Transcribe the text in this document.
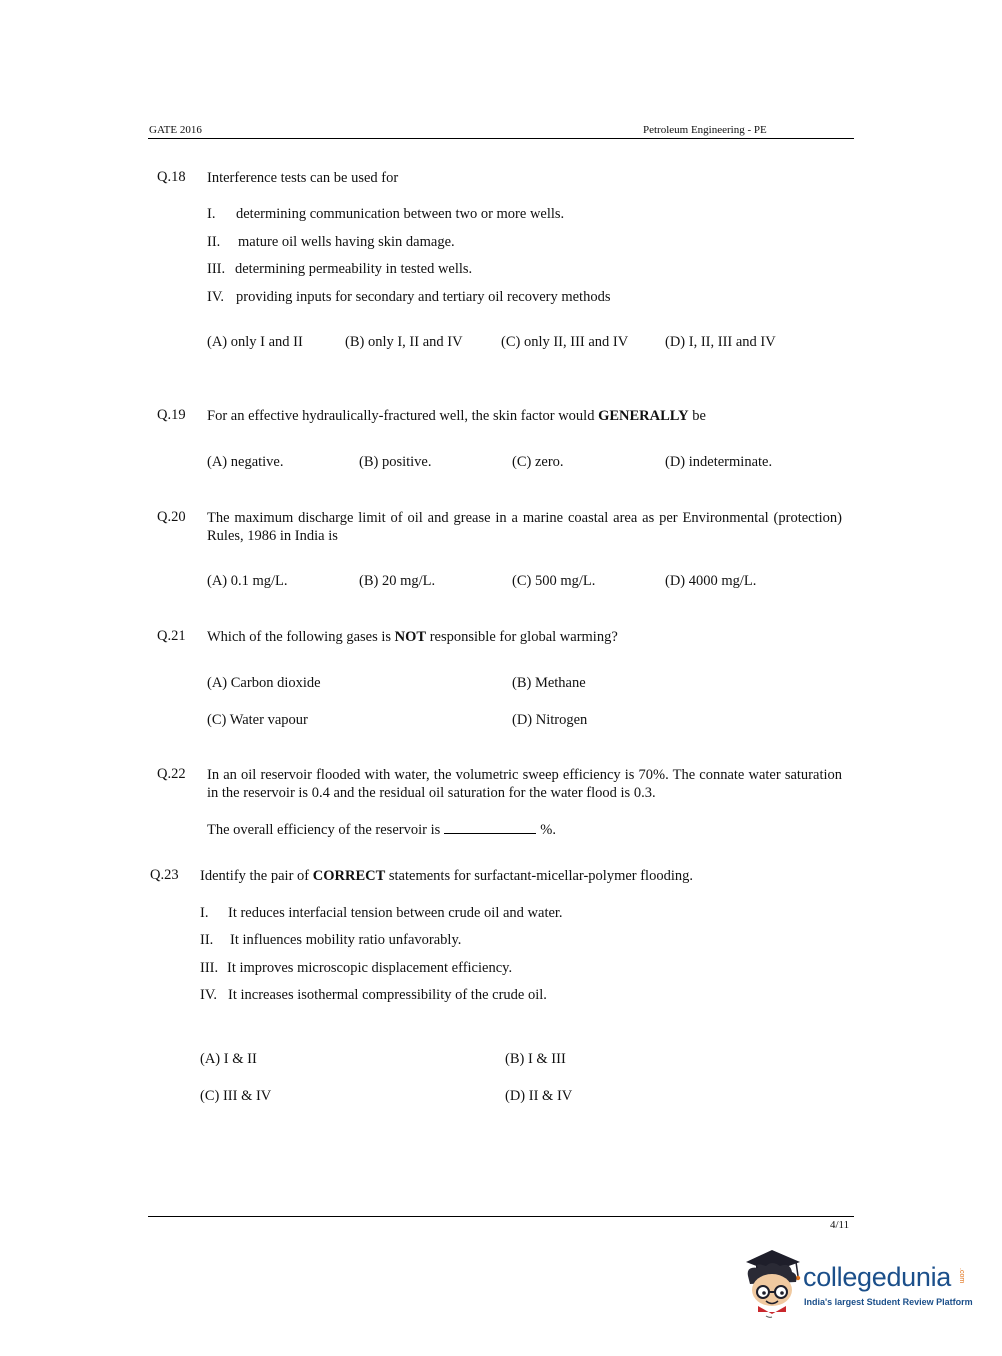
GATE 2016	Petroleum Engineering - PE
Q.18 Interference tests can be used for
I. determining communication between two or more wells.
II. mature oil wells having skin damage.
III. determining permeability in tested wells.
IV. providing inputs for secondary and tertiary oil recovery methods
(A) only I and II	(B) only I, II and IV	(C) only II, III and IV	(D) I, II, III and IV
Q.19 For an effective hydraulically-fractured well, the skin factor would GENERALLY be
(A) negative.	(B) positive.	(C) zero.	(D) indeterminate.
Q.20 The maximum discharge limit of oil and grease in a marine coastal area as per Environmental (protection) Rules, 1986 in India is
(A) 0.1 mg/L.	(B) 20 mg/L.	(C) 500 mg/L.	(D) 4000 mg/L.
Q.21 Which of the following gases is NOT responsible for global warming?
(A) Carbon dioxide	(B) Methane
(C) Water vapour	(D) Nitrogen
Q.22 In an oil reservoir flooded with water, the volumetric sweep efficiency is 70%. The connate water saturation in the reservoir is 0.4 and the residual oil saturation for the water flood is 0.3.
The overall efficiency of the reservoir is	%.
Q.23 Identify the pair of CORRECT statements for surfactant-micellar-polymer flooding.
I. It reduces interfacial tension between crude oil and water.
II. It influences mobility ratio unfavorably.
III. It improves microscopic displacement efficiency.
IV. It increases isothermal compressibility of the crude oil.
(A) I & II	(B) I & III
(C) III & IV	(D) II & IV
4/11
collegedunia .com
India's largest Student Review Platform
